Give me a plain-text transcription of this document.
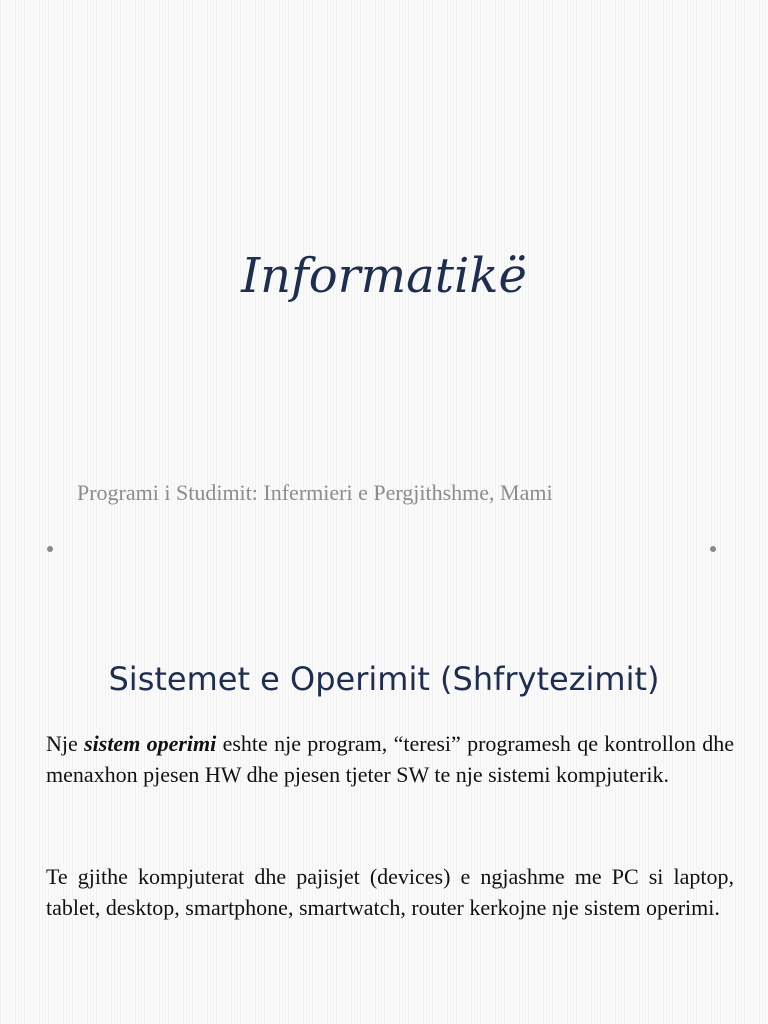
Informatikë

Programi i Studimit: Infermieri e Pergjithshme, Mami

Sistemet e Operimit (Shfrytezimit)

Nje sistem operimi eshte nje program, “teresi” programesh qe kontrollon dhe menaxhon pjesen HW dhe pjesen tjeter SW te nje sistemi kompjuterik.

Te gjithe kompjuterat dhe pajisjet (devices) e ngjashme me PC si laptop, tablet, desktop, smartphone, smartwatch, router kerkojne nje sistem operimi.
